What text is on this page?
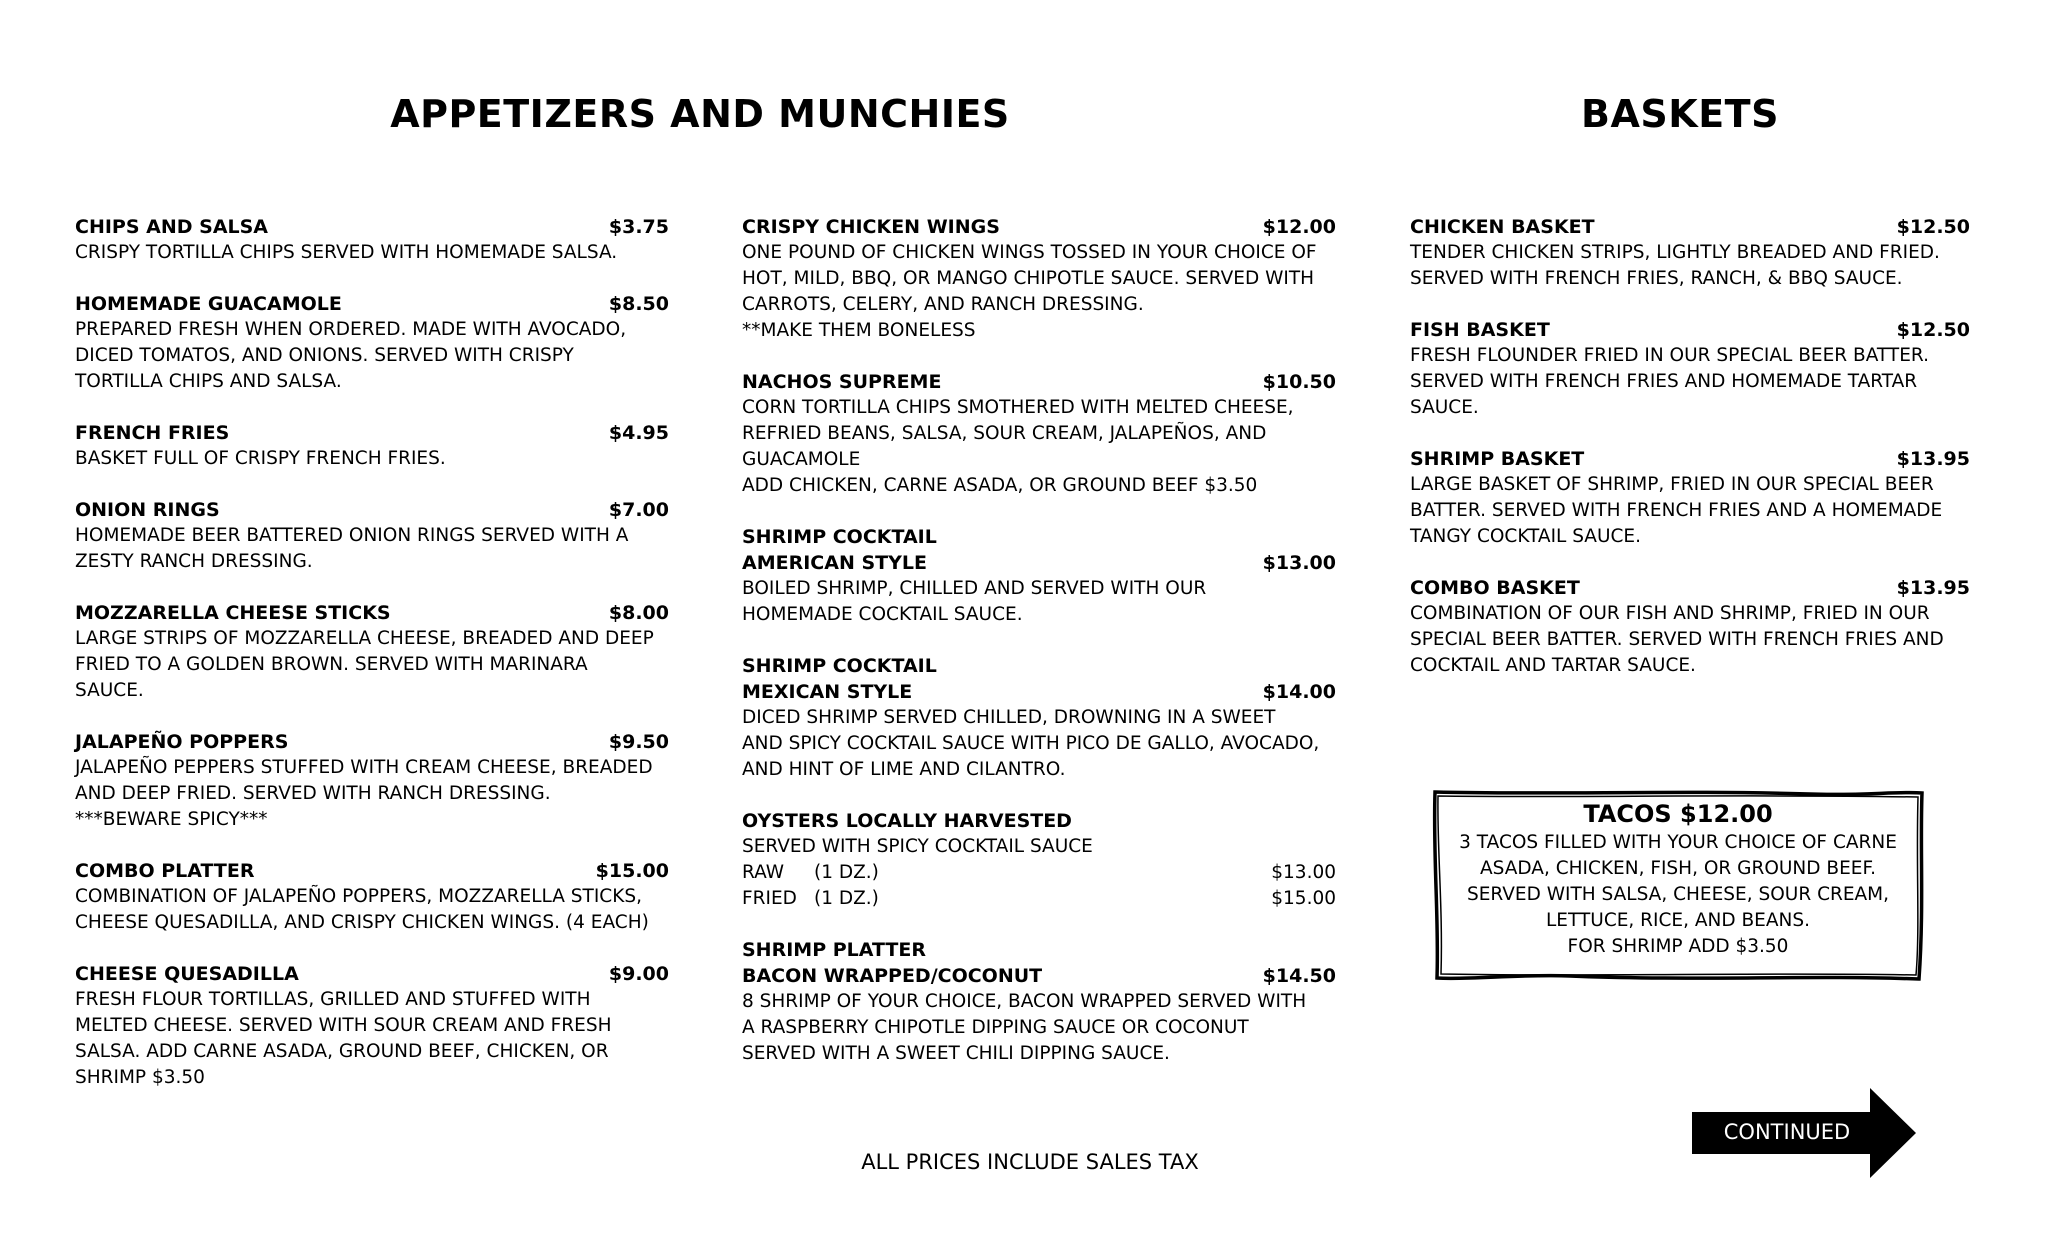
APPETIZERS AND MUNCHIES	BASKETS
CHIPS AND SALSA	$3.75
CRISPY TORTILLA CHIPS SERVED WITH HOMEMADE SALSA.
HOMEMADE GUACAMOLE	$8.50
PREPARED FRESH WHEN ORDERED. MADE WITH AVOCADO,
DICED TOMATOS, AND ONIONS. SERVED WITH CRISPY
TORTILLA CHIPS AND SALSA.
FRENCH FRIES	$4.95
BASKET FULL OF CRISPY FRENCH FRIES.
ONION RINGS	$7.00
HOMEMADE BEER BATTERED ONION RINGS SERVED WITH A
ZESTY RANCH DRESSING.
MOZZARELLA CHEESE STICKS	$8.00
LARGE STRIPS OF MOZZARELLA CHEESE, BREADED AND DEEP
FRIED TO A GOLDEN BROWN. SERVED WITH MARINARA
SAUCE.
JALAPEÑO POPPERS	$9.50
JALAPEÑO PEPPERS STUFFED WITH CREAM CHEESE, BREADED
AND DEEP FRIED. SERVED WITH RANCH DRESSING.
***BEWARE SPICY***
COMBO PLATTER	$15.00
COMBINATION OF JALAPEÑO POPPERS, MOZZARELLA STICKS,
CHEESE QUESADILLA, AND CRISPY CHICKEN WINGS. (4 EACH)
CHEESE QUESADILLA	$9.00
FRESH FLOUR TORTILLAS, GRILLED AND STUFFED WITH
MELTED CHEESE. SERVED WITH SOUR CREAM AND FRESH
SALSA. ADD CARNE ASADA, GROUND BEEF, CHICKEN, OR
SHRIMP $3.50
CRISPY CHICKEN WINGS	$12.00
ONE POUND OF CHICKEN WINGS TOSSED IN YOUR CHOICE OF
HOT, MILD, BBQ, OR MANGO CHIPOTLE SAUCE. SERVED WITH
CARROTS, CELERY, AND RANCH DRESSING.
**MAKE THEM BONELESS
NACHOS SUPREME	$10.50
CORN TORTILLA CHIPS SMOTHERED WITH MELTED CHEESE,
REFRIED BEANS, SALSA, SOUR CREAM, JALAPEÑOS, AND
GUACAMOLE
ADD CHICKEN, CARNE ASADA, OR GROUND BEEF $3.50
SHRIMP COCKTAIL
AMERICAN STYLE	$13.00
BOILED SHRIMP, CHILLED AND SERVED WITH OUR
HOMEMADE COCKTAIL SAUCE.
SHRIMP COCKTAIL
MEXICAN STYLE	$14.00
DICED SHRIMP SERVED CHILLED, DROWNING IN A SWEET
AND SPICY COCKTAIL SAUCE WITH PICO DE GALLO, AVOCADO,
AND HINT OF LIME AND CILANTRO.
OYSTERS LOCALLY HARVESTED
SERVED WITH SPICY COCKTAIL SAUCE
RAW	(1 DZ.)	$13.00
FRIED (1 DZ.)	$15.00
SHRIMP PLATTER
BACON WRAPPED/COCONUT	$14.50
8 SHRIMP OF YOUR CHOICE, BACON WRAPPED SERVED WITH
A RASPBERRY CHIPOTLE DIPPING SAUCE OR COCONUT
SERVED WITH A SWEET CHILI DIPPING SAUCE.
CHICKEN BASKET	$12.50
TENDER CHICKEN STRIPS, LIGHTLY BREADED AND FRIED.
SERVED WITH FRENCH FRIES, RANCH, & BBQ SAUCE.
FISH BASKET	$12.50
FRESH FLOUNDER FRIED IN OUR SPECIAL BEER BATTER.
SERVED WITH FRENCH FRIES AND HOMEMADE TARTAR
SAUCE.
SHRIMP BASKET	$13.95
LARGE BASKET OF SHRIMP, FRIED IN OUR SPECIAL BEER
BATTER. SERVED WITH FRENCH FRIES AND A HOMEMADE
TANGY COCKTAIL SAUCE.
COMBO BASKET	$13.95
COMBINATION OF OUR FISH AND SHRIMP, FRIED IN OUR
SPECIAL BEER BATTER. SERVED WITH FRENCH FRIES AND
COCKTAIL AND TARTAR SAUCE.
TACOS $12.00
3 TACOS FILLED WITH YOUR CHOICE OF CARNE
ASADA, CHICKEN, FISH, OR GROUND BEEF.
SERVED WITH SALSA, CHEESE, SOUR CREAM,
LETTUCE, RICE, AND BEANS.
FOR SHRIMP ADD $3.50
ALL PRICES INCLUDE SALES TAX
CONTINUED
